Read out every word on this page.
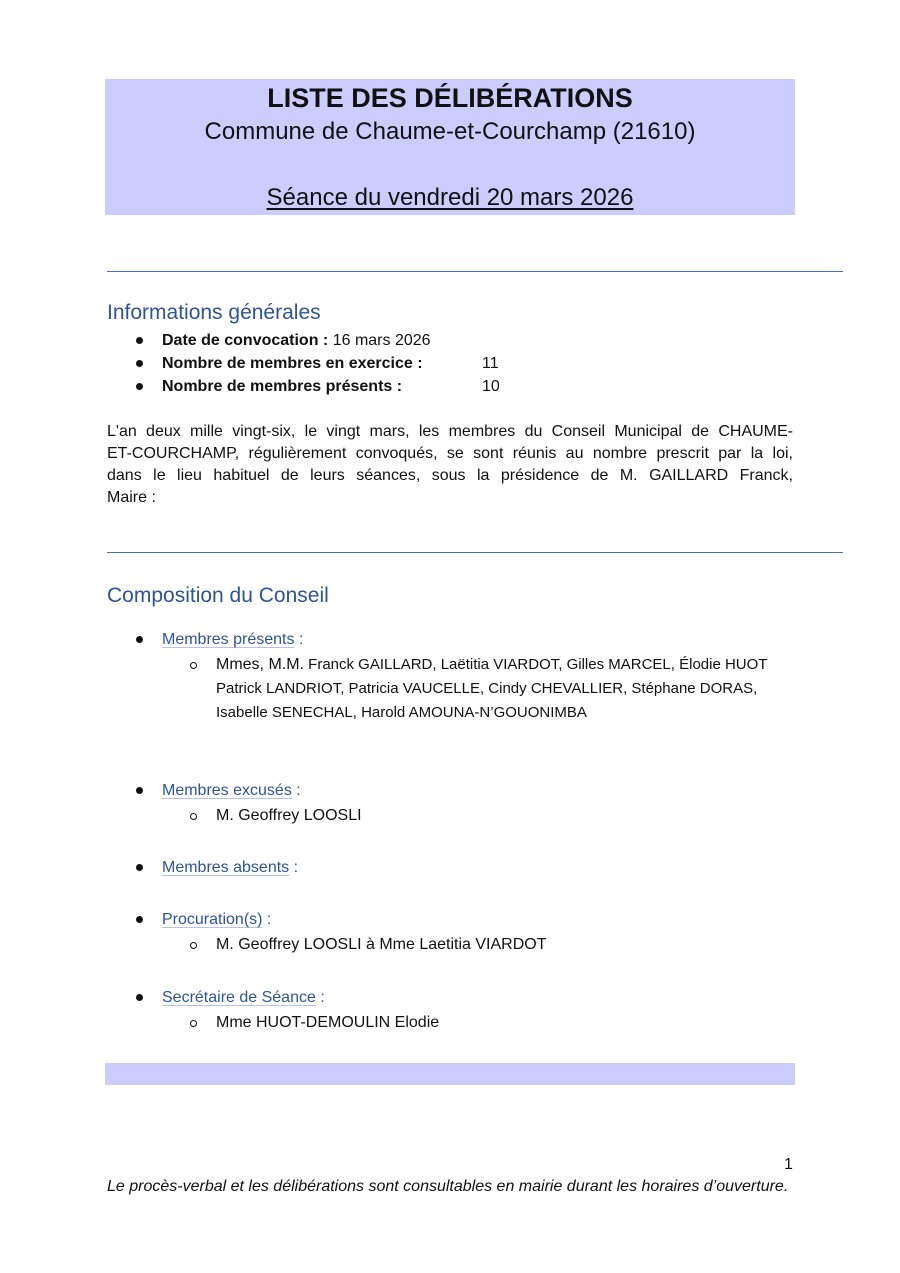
LISTE DES DÉLIBÉRATIONS
Commune de Chaume-et-Courchamp (21610)
Séance du vendredi 20 mars 2026
Informations générales
Date de convocation : 16 mars 2026
Nombre de membres en exercice :	11
Nombre de membres présents :	10
L'an deux mille vingt-six, le vingt mars, les membres du Conseil Municipal de CHAUME-
ET-COURCHAMP, régulièrement convoqués, se sont réunis au nombre prescrit par la loi,
dans le lieu habituel de leurs séances, sous la présidence de M. GAILLARD Franck,
Maire :
Composition du Conseil
Membres présents :
Mmes, M.M. Franck GAILLARD, Laëtitia VIARDOT, Gilles MARCEL, Élodie HUOT
Patrick LANDRIOT, Patricia VAUCELLE, Cindy CHEVALLIER, Stéphane DORAS,
Isabelle SENECHAL, Harold AMOUNA-N’GOUONIMBA
Membres excusés :
M. Geoffrey LOOSLI
Membres absents :
Procuration(s) :
M. Geoffrey LOOSLI à Mme Laetitia VIARDOT
Secrétaire de Séance :
Mme HUOT-DEMOULIN Elodie
1
Le procès-verbal et les délibérations sont consultables en mairie durant les horaires d’ouverture.
